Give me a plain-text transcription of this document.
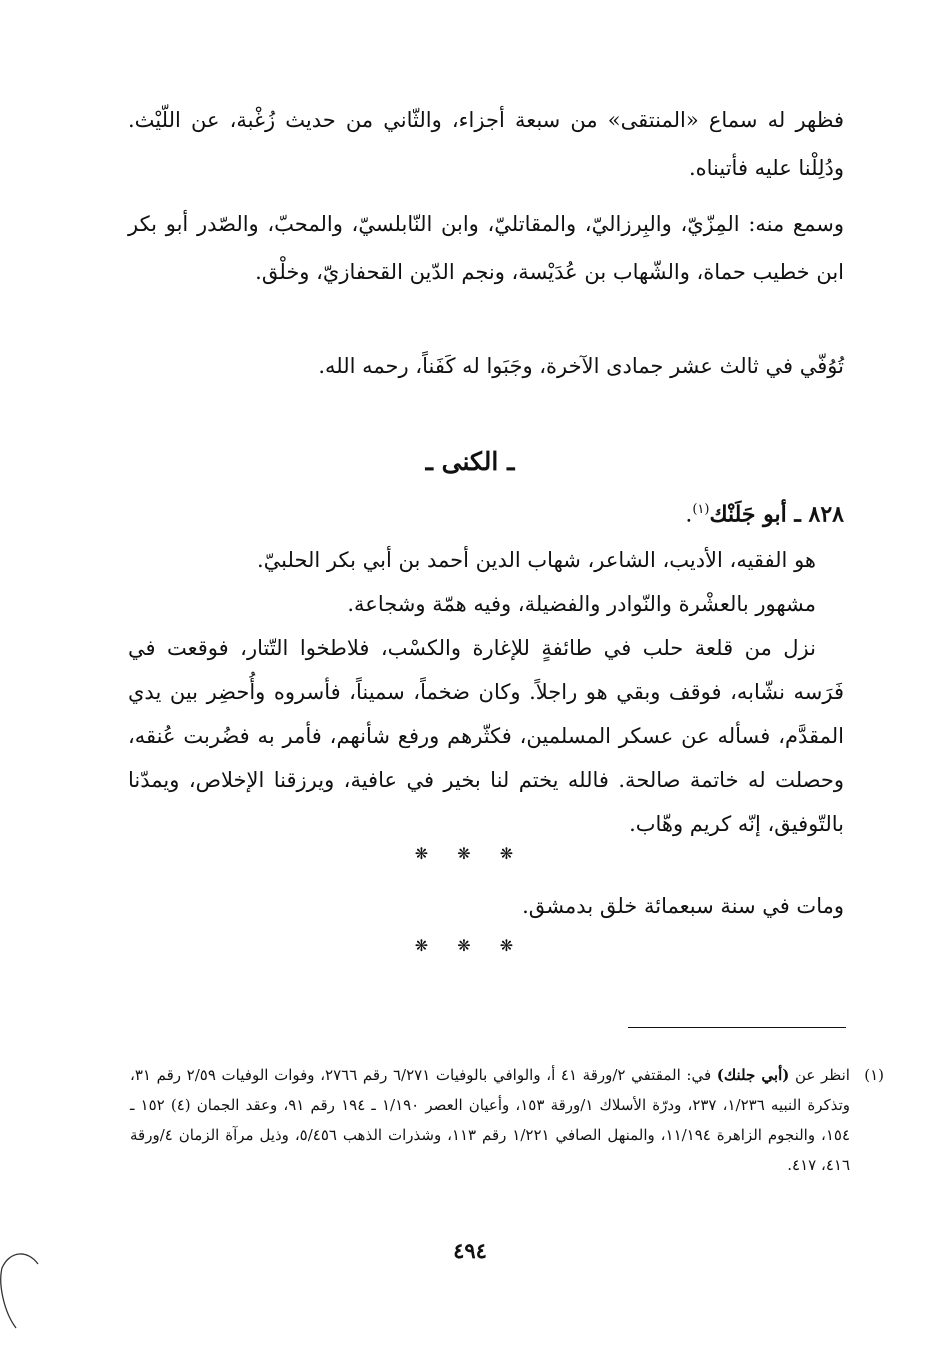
فظهر له سماع «المنتقى» من سبعة أجزاء، والثّاني من حديث زُغْبة، عن اللّيْث. ودُلِلْنا عليه فأتيناه.
وسمع منه: المِزّيّ، والبِرزاليّ، والمقاتليّ، وابن النّابلسيّ، والمحبّ، والصّدر أبو بكر ابن خطيب حماة، والشّهاب بن عُدَيْسة، ونجم الدّين القحفازيّ، وخلْق.
تُوُفّي في ثالث عشر جمادى الآخرة، وجَبَوا له كَفَناً، رحمه الله.
ـ الكنى ـ
٨٢٨ ـ أبو جَلَنْك$^{(١)}$.
هو الفقيه، الأديب، الشاعر، شهاب الدين أحمد بن أبي بكر الحلبيّ.
مشهور بالعشْرة والنّوادر والفضيلة، وفيه همّة وشجاعة.
نزل من قلعة حلب في طائفةٍ للإغارة والكسْب، فلاطخوا التّتار، فوقعت في فَرَسه نشّابه، فوقف وبقي هو راجلاً. وكان ضخماً، سميناً، فأسروه وأُحضِر بين يدي المقدَّم، فسأله عن عسكر المسلمين، فكثّرهم ورفع شأنهم، فأمر به فضُربت عُنقه، وحصلت له خاتمة صالحة. فالله يختم لنا بخير في عافية، ويرزقنا الإخلاص، ويمدّنا بالتّوفيق، إنّه كريم وهّاب.
❋ ❋ ❋
ومات في سنة سبعمائة خلق بدمشق.
❋ ❋ ❋
(١)
انظر عن (أبي جلنك) في: المقتفي ٢/ورقة ٤١ أ، والوافي بالوفيات ٦/٢٧١ رقم ٢٧٦٦، وفوات الوفيات ٢/٥٩ رقم ٣١، وتذكرة النبيه ١/٢٣٦، ٢٣٧، ودرّة الأسلاك ١/ورقة ١٥٣، وأعيان العصر ١/١٩٠ ـ ١٩٤ رقم ٩١، وعقد الجمان (٤) ١٥٢ ـ ١٥٤، والنجوم الزاهرة ١١/١٩٤، والمنهل الصافي ١/٢٢١ رقم ١١٣، وشذرات الذهب ٥/٤٥٦، وذيل مرآة الزمان ٤/ورقة ٤١٦، ٤١٧.
٤٩٤
